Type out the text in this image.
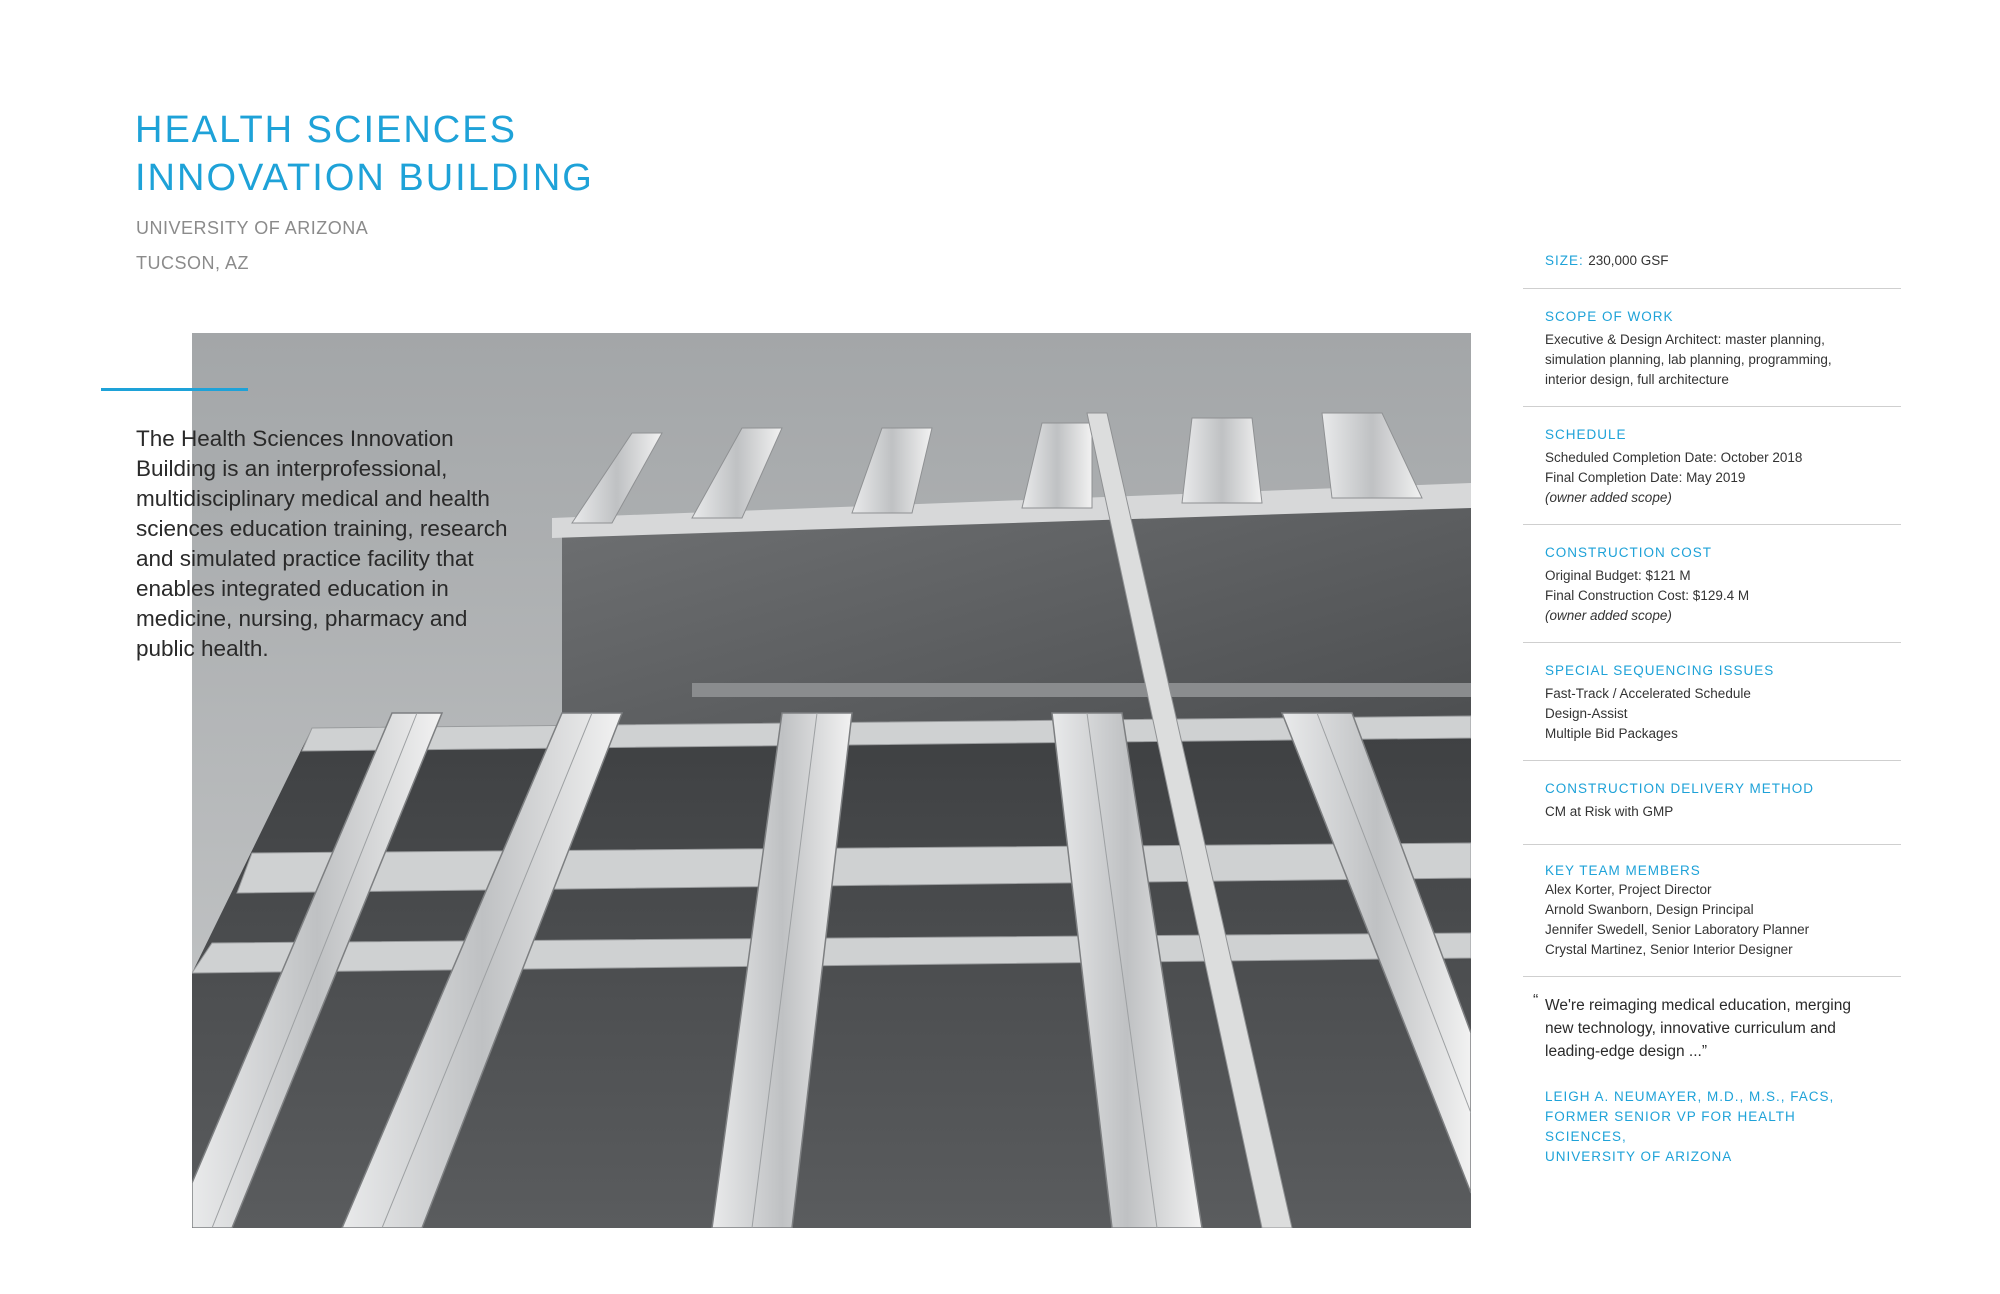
HEALTH SCIENCES
INNOVATION BUILDING

UNIVERSITY OF ARIZONA

TUCSON, AZ

The Health Sciences Innovation Building is an interprofessional, multidisciplinary medical and health sciences education training, research and simulated practice facility that enables integrated education in medicine, nursing, pharmacy and public health.

SIZE: 230,000 GSF
SCOPE OF WORK
Executive & Design Architect: master planning,
simulation planning, lab planning, programming,
interior design, full architecture
SCHEDULE
Scheduled Completion Date: October 2018
Final Completion Date: May 2019
(owner added scope)
CONSTRUCTION COST
Original Budget: $121 M
Final Construction Cost: $129.4 M
(owner added scope)
SPECIAL SEQUENCING ISSUES
Fast-Track / Accelerated Schedule
Design-Assist
Multiple Bid Packages
CONSTRUCTION DELIVERY METHOD
CM at Risk with GMP
KEY TEAM MEMBERS
Alex Korter, Project Director
Arnold Swanborn, Design Principal
Jennifer Swedell, Senior Laboratory Planner
Crystal Martinez, Senior Interior Designer
“ We're reimaging medical education, merging new technology, innovative curriculum and leading-edge design ...”
LEIGH A. NEUMAYER, M.D., M.S., FACS,
FORMER SENIOR VP FOR HEALTH SCIENCES,
UNIVERSITY OF ARIZONA
